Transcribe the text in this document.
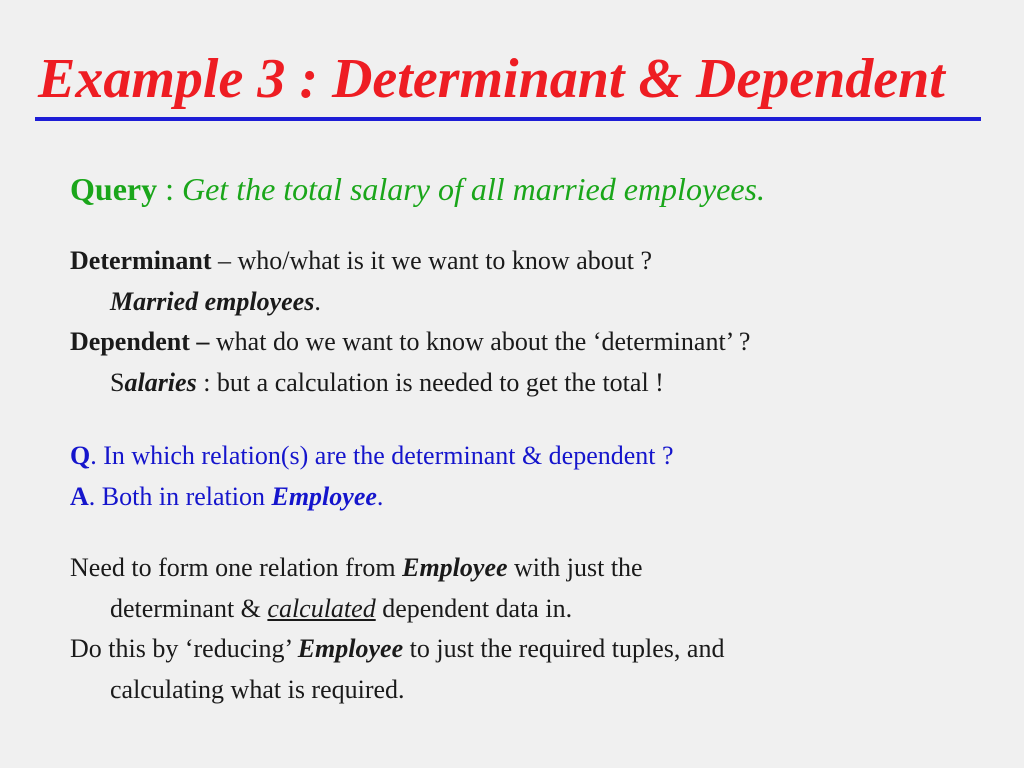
Example 3 : Determinant & Dependent
Query : Get the total salary of all married employees.

Determinant – who/what is it we want to know about ?

Married employees.

Dependent – what do we want to know about the ‘determinant’ ?

Salaries : but a calculation is needed to get the total !

Q. In which relation(s) are the determinant & dependent ?

A. Both in relation Employee.

Need to form one relation from Employee with just the

determinant & calculated dependent data in.

Do this by ‘reducing’ Employee to just the required tuples, and

calculating what is required.
